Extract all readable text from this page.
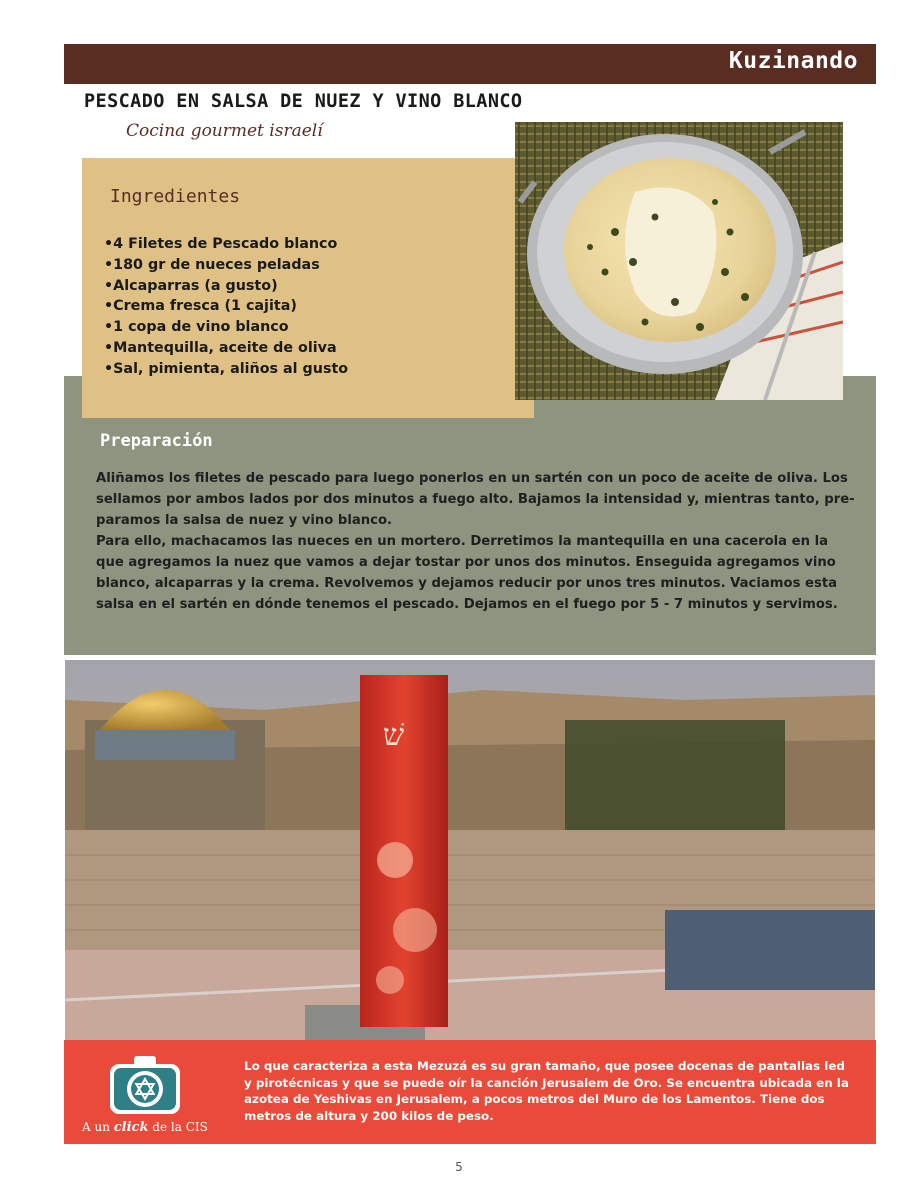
Kuzinando
PESCADO EN SALSA DE NUEZ Y VINO BLANCO
Cocina gourmet israelí
Ingredientes
• 4 Filetes de Pescado blanco
• 180 gr de nueces peladas
• Alcaparras (a gusto)
• Crema fresca (1 cajita)
• 1 copa de vino blanco
• Mantequilla, aceite de oliva
• Sal, pimienta, aliños al gusto
Preparación

Aliñamos los filetes de pescado para luego ponerlos en un sartén con un poco de aceite de oliva. Los sellamos por ambos lados por dos minutos a fuego alto. Bajamos la intensidad y, mientras tanto, pre-paramos la salsa de nuez y vino blanco.

Para ello, machacamos las nueces en un mortero. Derretimos la mantequilla en una cacerola en la que agregamos la nuez que vamos a dejar tostar por unos dos minutos. Enseguida agregamos vino blanco, alcaparras y la crema. Revolvemos y dejamos reducir por unos tres minutos. Vaciamos esta salsa en el sartén en dónde tenemos el pescado. Dejamos en el fuego por 5 - 7 minutos y servimos.

שׁ
A un click de la CIS
Lo que caracteriza a esta Mezuzá es su gran tamaño, que posee docenas de pantallas led y pirotécnicas y que se puede oír la canción Jerusalem de Oro. Se encuentra ubicada en la azotea de Yeshivas en Jerusalem, a pocos metros del Muro de los Lamentos. Tiene dos metros de altura y 200 kilos de peso.
5
